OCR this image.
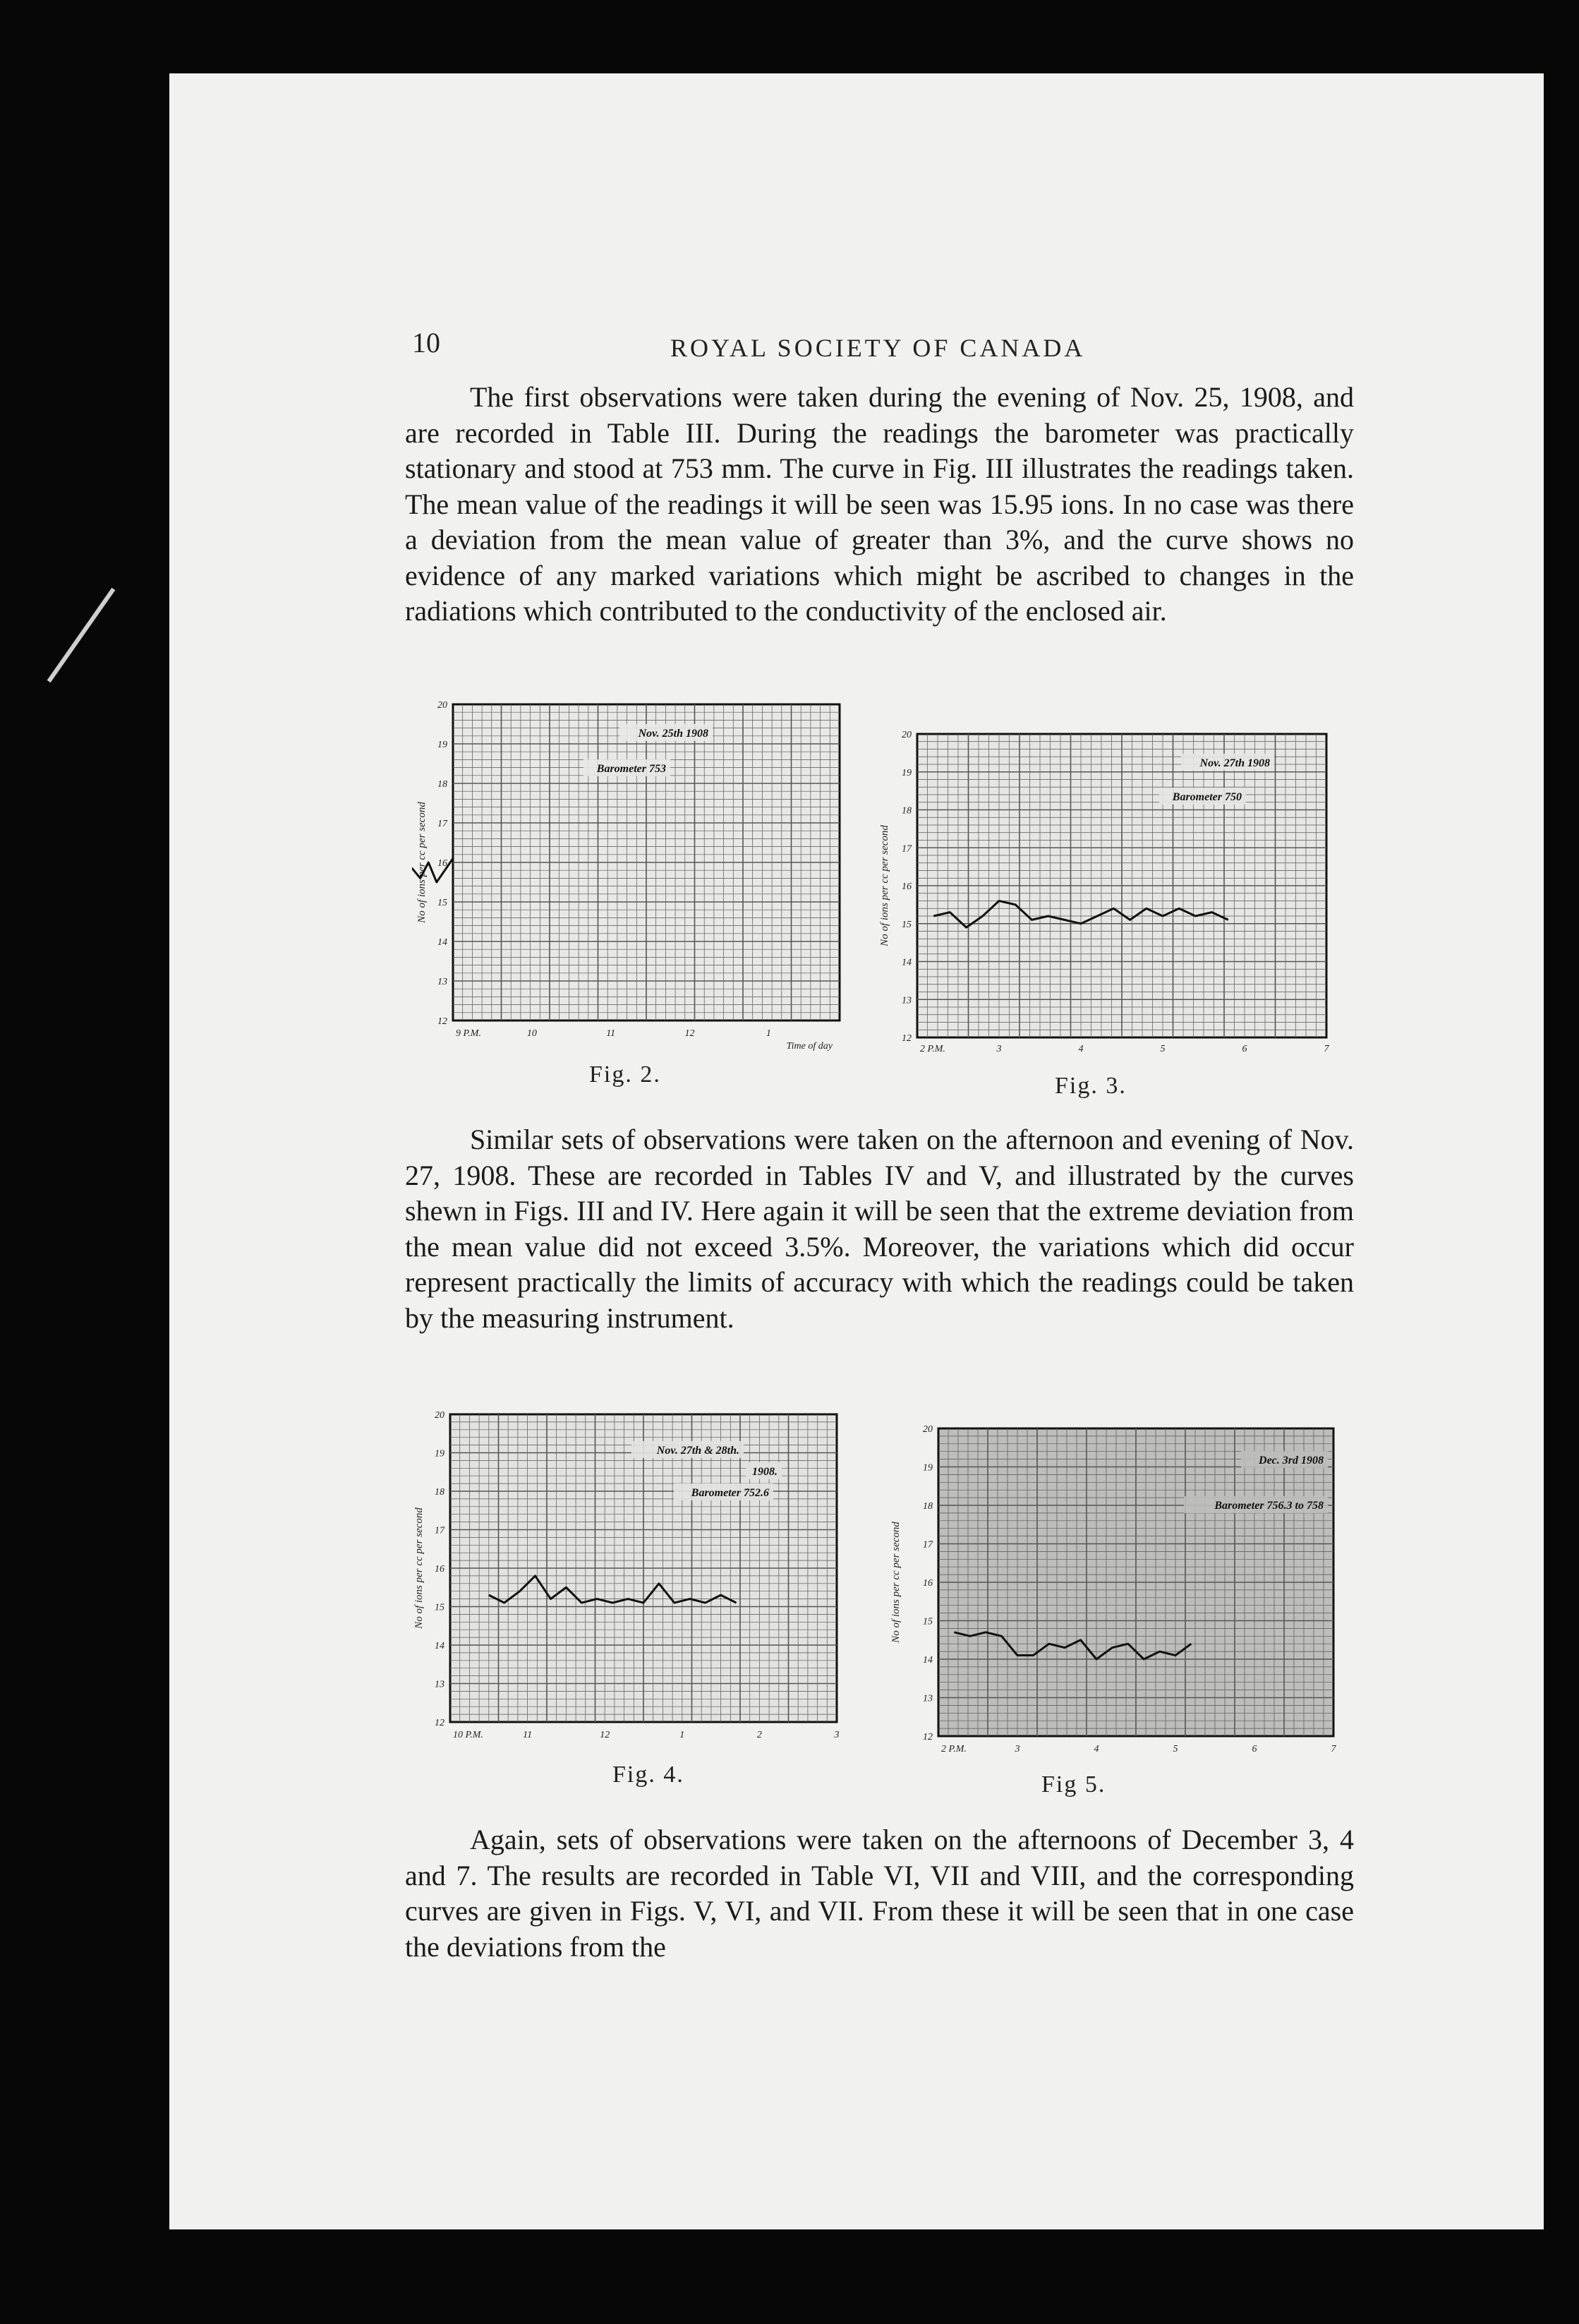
10	ROYAL SOCIETY OF CANADA
The first observations were taken during the evening of Nov. 25, 1908, and are recorded in Table III. During the readings the barometer was practically stationary and stood at 753 mm. The curve in Fig. III illustrates the readings taken. The mean value of the readings it will be seen was 15.95 ions. In no case was there a deviation from the mean value of greater than 3%, and the curve shows no evidence of any marked variations which might be ascribed to changes in the radiations which contributed to the conductivity of the enclosed air.
20
19
18
17
16
15
14
13
12
No of ions per cc per second
9 P.M.	10	11	12	1
Time of day
Nov. 25th 1908
Barometer 753
20
19
18
17
16
15
14
13
12
No of ions per cc per second
2 P.M.	3	4	5	6	7
Nov. 27th 1908
Barometer 750
Fig. 2.	Fig. 3.
Similar sets of observations were taken on the afternoon and evening of Nov. 27, 1908. These are recorded in Tables IV and V, and illustrated by the curves shewn in Figs. III and IV. Here again it will be seen that the extreme deviation from the mean value did not exceed 3.5%. Moreover, the variations which did occur represent practically the limits of accuracy with which the readings could be taken by the measuring instrument.
20
19
18
17
16
15
14
13
12
No of ions per cc per second
10 P.M.	11	12	1	2	3
Nov. 27th & 28th.
1908.
Barometer 752.6
20
19
18
17
16
15
14
13
12
No of ions per cc per second
2 P.M.	3	4	5	6	7
Dec. 3rd 1908
Barometer 756.3 to 758
Fig. 4.	Fig 5.
Again, sets of observations were taken on the afternoons of December 3, 4 and 7. The results are recorded in Table VI, VII and VIII, and the corresponding curves are given in Figs. V, VI, and VII. From these it will be seen that in one case the deviations from the
